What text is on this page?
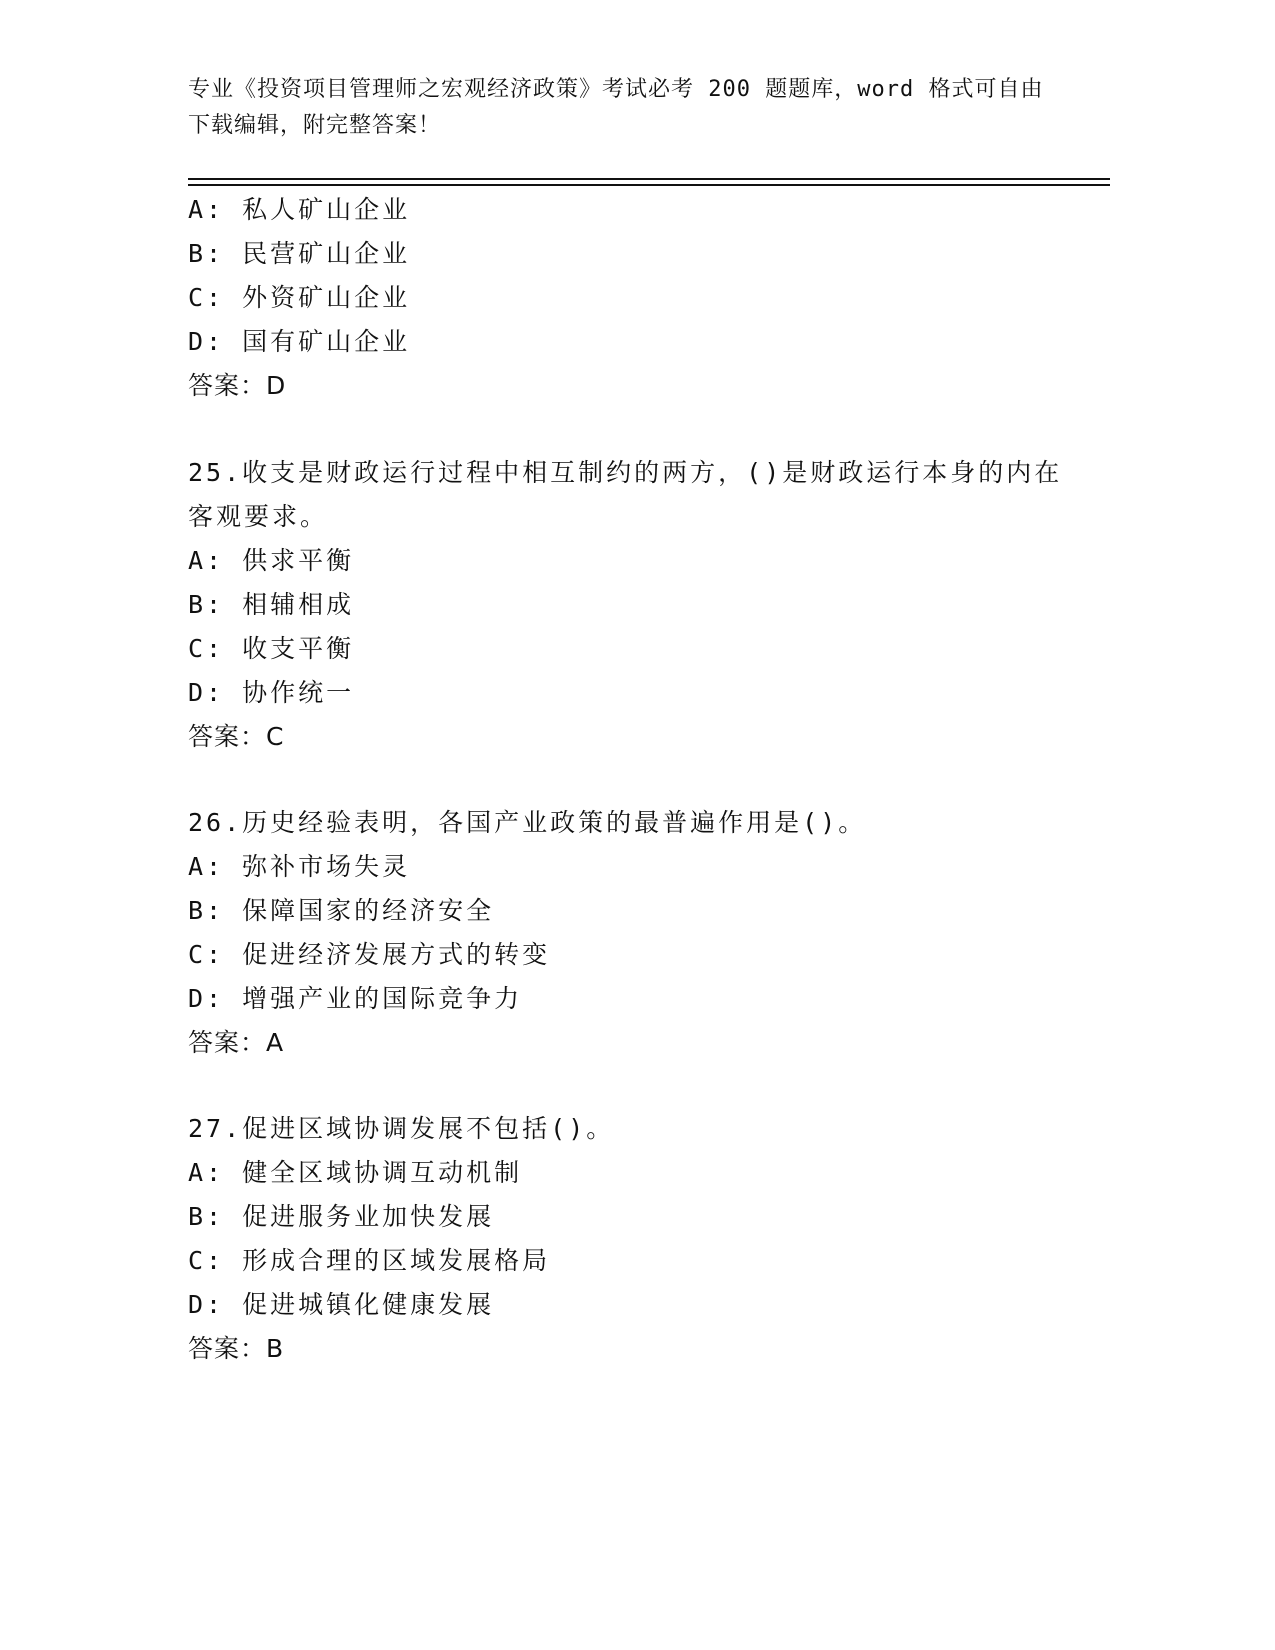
专业《投资项目管理师之宏观经济政策》考试必考 200 题题库，word 格式可自由
下载编辑，附完整答案！
A: 私人矿山企业
B: 民营矿山企业
C: 外资矿山企业
D: 国有矿山企业
答案：D
25.收支是财政运行过程中相互制约的两方，()是财政运行本身的内在
客观要求。
A: 供求平衡
B: 相辅相成
C: 收支平衡
D: 协作统一
答案：C
26.历史经验表明，各国产业政策的最普遍作用是()。
A: 弥补市场失灵
B: 保障国家的经济安全
C: 促进经济发展方式的转变
D: 增强产业的国际竞争力
答案：A
27.促进区域协调发展不包括()。
A: 健全区域协调互动机制
B: 促进服务业加快发展
C: 形成合理的区域发展格局
D: 促进城镇化健康发展
答案：B
